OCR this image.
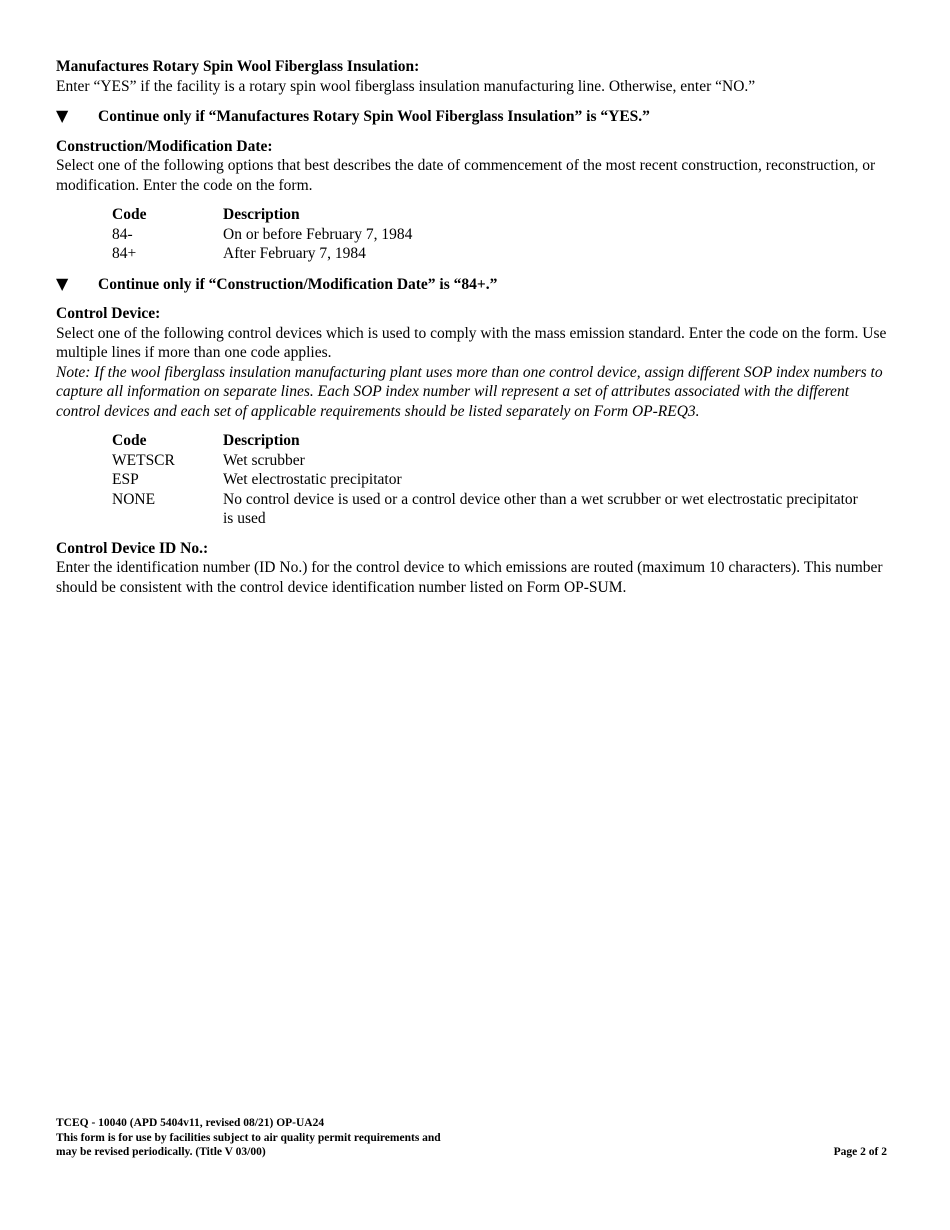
Manufactures Rotary Spin Wool Fiberglass Insulation:

Enter “YES” if the facility is a rotary spin wool fiberglass insulation manufacturing line. Otherwise, enter “NO.”

▼	Continue only if “Manufactures Rotary Spin Wool Fiberglass Insulation” is “YES.”
Construction/Modification Date:

Select one of the following options that best describes the date of commencement of the most recent construction, reconstruction, or modification. Enter the code on the form.

Code	Description
84-	On or before February 7, 1984
84+	After February 7, 1984
▼	Continue only if “Construction/Modification Date” is “84+.”
Control Device:

Select one of the following control devices which is used to comply with the mass emission standard. Enter the code on the form. Use multiple lines if more than one code applies.

Note: If the wool fiberglass insulation manufacturing plant uses more than one control device, assign different SOP index numbers to capture all information on separate lines. Each SOP index number will represent a set of attributes associated with the different control devices and each set of applicable requirements should be listed separately on Form OP-REQ3.

Code	Description
WETSCR	Wet scrubber
ESP	Wet electrostatic precipitator
NONE	No control device is used or a control device other than a wet scrubber or wet electrostatic precipitator is used
Control Device ID No.:

Enter the identification number (ID No.) for the control device to which emissions are routed (maximum 10 characters). This number should be consistent with the control device identification number listed on Form OP-SUM.

TCEQ - 10040 (APD 5404v11, revised 08/21) OP-UA24
This form is for use by facilities subject to air quality permit requirements and
may be revised periodically. (Title V 03/00)	Page 2 of 2
